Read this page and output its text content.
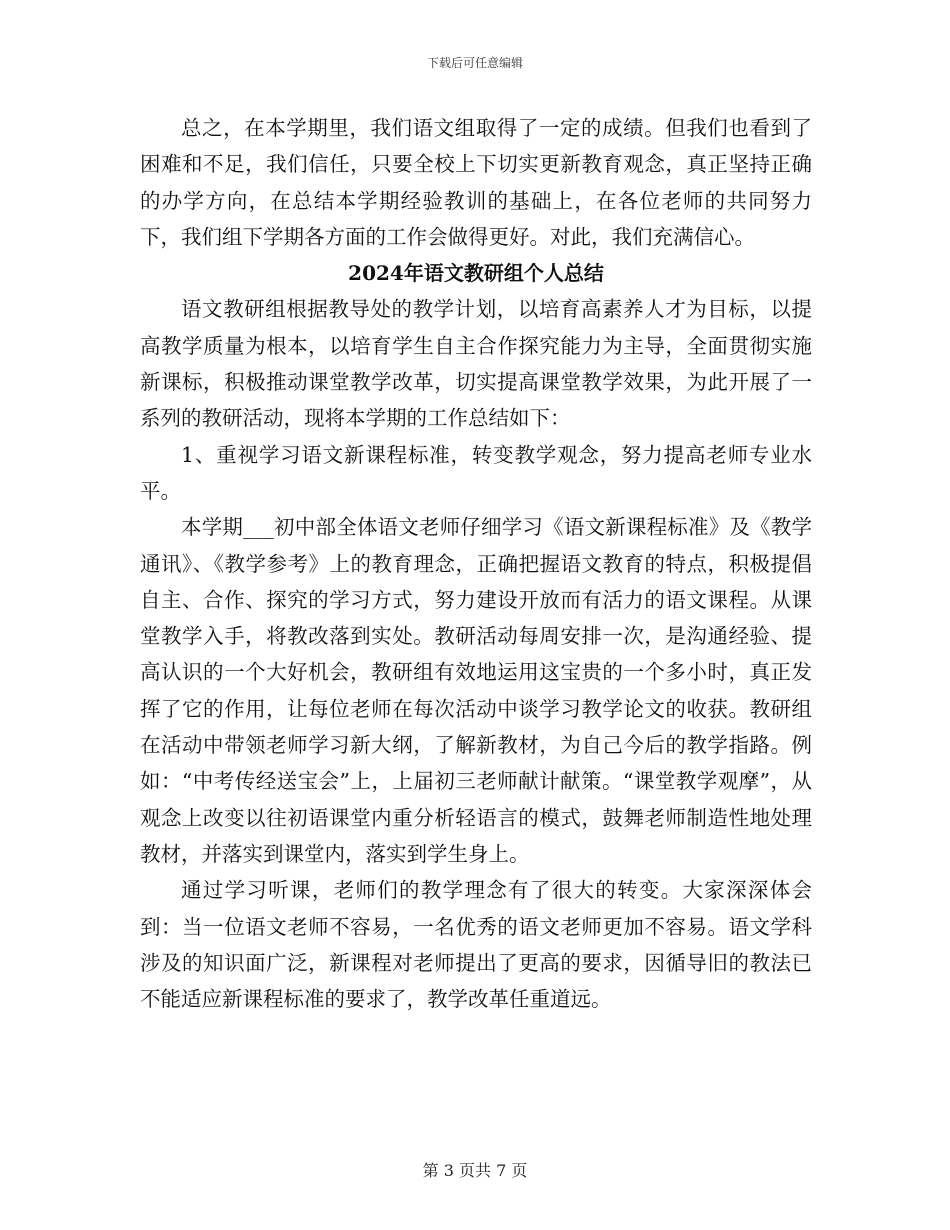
下载后可任意编辑

总之，在本学期里，我们语文组取得了一定的成绩。但我们也看到了困难和不足，我们信任，只要全校上下切实更新教育观念，真正坚持正确的办学方向，在总结本学期经验教训的基础上，在各位老师的共同努力下，我们组下学期各方面的工作会做得更好。对此，我们充满信心。

2024年语文教研组个人总结

语文教研组根据教导处的教学计划，以培育高素养人才为目标，以提高教学质量为根本，以培育学生自主合作探究能力为主导，全面贯彻实施新课标，积极推动课堂教学改革，切实提高课堂教学效果，为此开展了一系列的教研活动，现将本学期的工作总结如下：

1、重视学习语文新课程标准，转变教学观念，努力提高老师专业水平。

本学期___初中部全体语文老师仔细学习《语文新课程标准》及《教学通讯》、《教学参考》上的教育理念，正确把握语文教育的特点，积极提倡自主、合作、探究的学习方式，努力建设开放而有活力的语文课程。从课堂教学入手，将教改落到实处。教研活动每周安排一次，是沟通经验、提高认识的一个大好机会，教研组有效地运用这宝贵的一个多小时，真正发挥了它的作用，让每位老师在每次活动中谈学习教学论文的收获。教研组在活动中带领老师学习新大纲，了解新教材，为自己今后的教学指路。例如：“中考传经送宝会”上，上届初三老师献计献策。“课堂教学观摩”，从观念上改变以往初语课堂内重分析轻语言的模式，鼓舞老师制造性地处理教材，并落实到课堂内，落实到学生身上。

通过学习听课，老师们的教学理念有了很大的转变。大家深深体会到：当一位语文老师不容易，一名优秀的语文老师更加不容易。语文学科涉及的知识面广泛，新课程对老师提出了更高的要求，因循导旧的教法已不能适应新课程标准的要求了，教学改革任重道远。

第 3 页共 7 页
